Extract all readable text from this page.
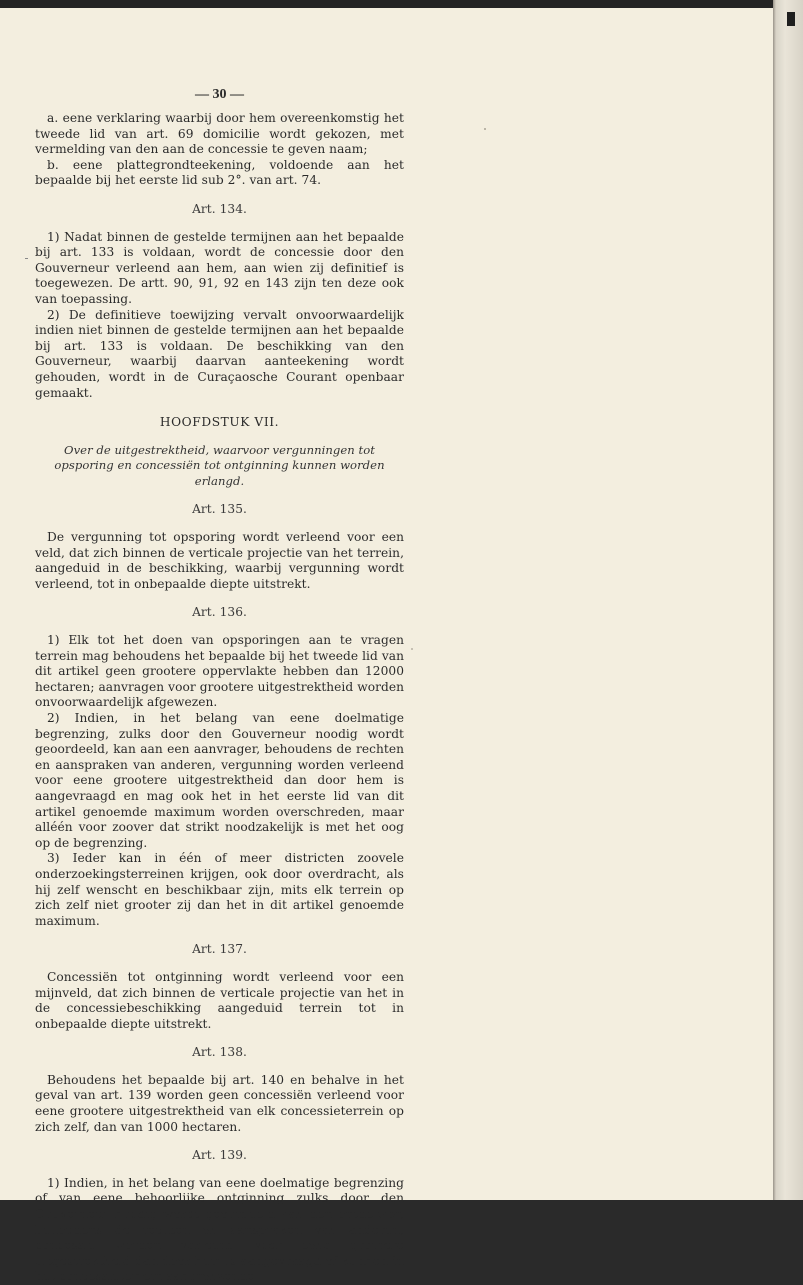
— 30 —

a. eene verklaring waarbij door hem overeenkomstig het tweede lid van art. 69 domicilie wordt gekozen, met vermelding van den aan de concessie te geven naam;

b. eene plattegrondteekening, voldoende aan het bepaalde bij het eerste lid sub 2°. van art. 74.

Art. 134.

1) Nadat binnen de gestelde termijnen aan het bepaalde bij art. 133 is voldaan, wordt de concessie door den Gouverneur verleend aan hem, aan wien zij definitief is toegewezen. De artt. 90, 91, 92 en 143 zijn ten deze ook van toepassing.

2) De definitieve toewijzing vervalt onvoorwaardelijk indien niet binnen de gestelde termijnen aan het bepaalde bij art. 133 is voldaan. De beschikking van den Gouverneur, waarbij daarvan aanteekening wordt gehouden, wordt in de Curaçaosche Courant openbaar gemaakt.

HOOFDSTUK VII.
Over de uitgestrektheid, waarvoor vergunningen tot opsporing en concessiën tot ontginning kunnen worden erlangd.
Art. 135.

De vergunning tot opsporing wordt verleend voor een veld, dat zich binnen de verticale projectie van het terrein, aangeduid in de beschikking, waarbij vergunning wordt verleend, tot in onbepaalde diepte uitstrekt.

Art. 136.

1) Elk tot het doen van opsporingen aan te vragen terrein mag behoudens het bepaalde bij het tweede lid van dit artikel geen grootere oppervlakte hebben dan 12000 hectaren; aanvragen voor grootere uitgestrektheid worden onvoorwaardelijk afgewezen.

2) Indien, in het belang van eene doelmatige begrenzing, zulks door den Gouverneur noodig wordt geoordeeld, kan aan een aanvrager, behoudens de rechten en aanspraken van anderen, vergunning worden verleend voor eene grootere uitgestrektheid dan door hem is aangevraagd en mag ook het in het eerste lid van dit artikel genoemde maximum worden overschreden, maar alléén voor zoover dat strikt noodzakelijk is met het oog op de begrenzing.

3) Ieder kan in één of meer districten zoovele onderzoekingsterreinen krijgen, ook door overdracht, als hij zelf wenscht en beschikbaar zijn, mits elk terrein op zich zelf niet grooter zij dan het in dit artikel genoemde maximum.

Art. 137.

Concessiën tot ontginning wordt verleend voor een mijnveld, dat zich binnen de verticale projectie van het in de concessiebeschikking aangeduid terrein tot in onbepaalde diepte uitstrekt.

Art. 138.

Behoudens het bepaalde bij art. 140 en behalve in het geval van art. 139 worden geen concessiën verleend voor eene grootere uitgestrektheid van elk concessieterrein op zich zelf, dan van 1000 hectaren.

Art. 139.

1) Indien, in het belang van eene doelmatige begrenzing of van eene behoorlijke ontginning zulks door den Gouverneur noodig wordt geoordeeld kan den ontdekker, behoudens de rechten en aanspraken van anderen, concessie worden verleend voor eene grootere uitgestrektheid dan door hem is aangevraagd of kunnen in het concessieterrein aangrenzende
